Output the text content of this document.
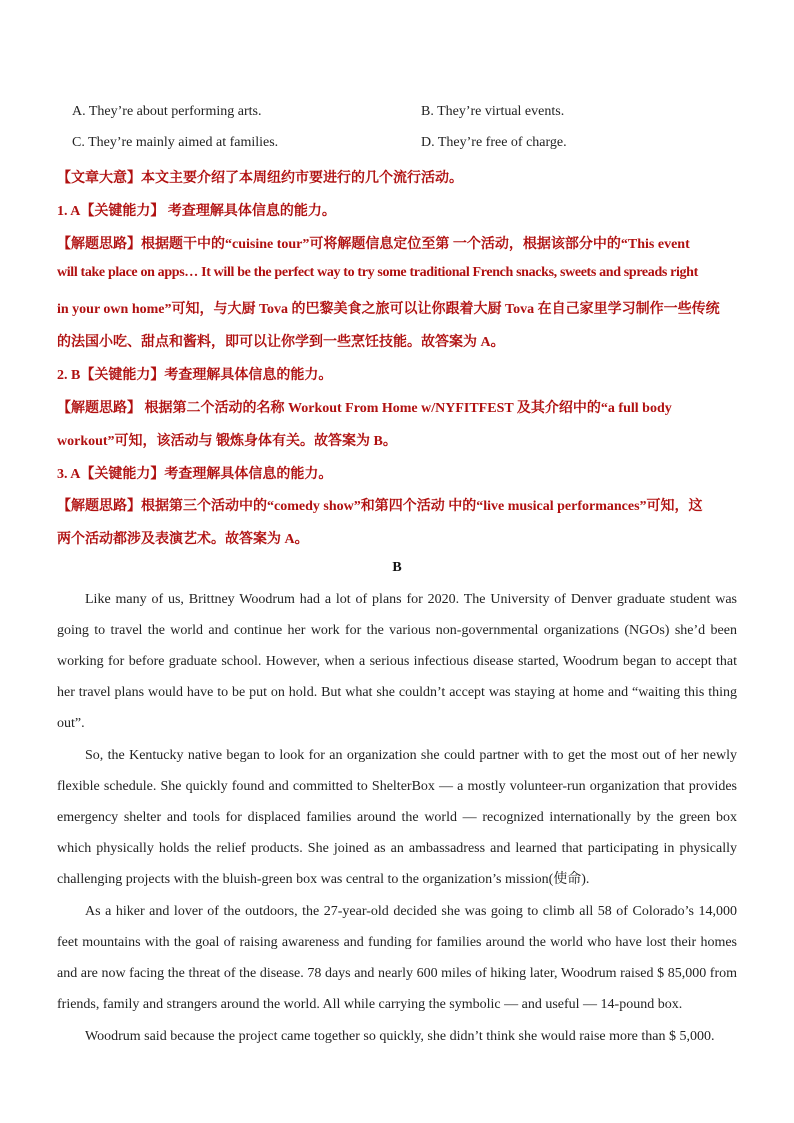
A. They’re about performing arts.	B. They’re virtual events.
C. They’re mainly aimed at families.	D. They’re free of charge.
【文章大意】本文主要介绍了本周纽约市要进行的几个流行活动。
1. A【关键能力】 考查理解具体信息的能力。
【解题思路】根据题干中的“cuisine tour”可将解题信息定位至第 一个活动，根据该部分中的“This event
will take place on apps… It will be the perfect way to try some traditional French snacks, sweets and spreads right
in your own home”可知，与大厨 Tova 的巴黎美食之旅可以让你跟着大厨 Tova 在自己家里学习制作一些传统
的法国小吃、甜点和酱料，即可以让你学到一些烹饪技能。故答案为 A。
2. B【关键能力】考查理解具体信息的能力。
【解题思路】 根据第二个活动的名称 Workout From Home w/NYFITFEST 及其介绍中的“a full body
workout”可知，该活动与 锻炼身体有关。故答案为 B。
3. A【关键能力】考查理解具体信息的能力。
【解题思路】根据第三个活动中的“comedy show”和第四个活动 中的“live musical performances”可知，这
两个活动都涉及表演艺术。故答案为 A。
B

Like many of us, Brittney Woodrum had a lot of plans for 2020. The University of Denver graduate student was going to travel the world and continue her work for the various non-governmental organizations (NGOs) she’d been working for before graduate school. However, when a serious infectious disease started, Woodrum began to accept that her travel plans would have to be put on hold. But what she couldn’t accept was staying at home and “waiting this thing out”.

So, the Kentucky native began to look for an organization she could partner with to get the most out of her newly flexible schedule. She quickly found and committed to ShelterBox — a mostly volunteer-run organization that provides emergency shelter and tools for displaced families around the world — recognized internationally by the green box which physically holds the relief products. She joined as an ambassadress and learned that participating in physically challenging projects with the bluish-green box was central to the organization’s mission(使命).

As a hiker and lover of the outdoors, the 27-year-old decided she was going to climb all 58 of Colorado’s 14,000 feet mountains with the goal of raising awareness and funding for families around the world who have lost their homes and are now facing the threat of the disease. 78 days and nearly 600 miles of hiking later, Woodrum raised $ 85,000 from friends, family and strangers around the world. All while carrying the symbolic — and useful — 14-pound box.

Woodrum said because the project came together so quickly, she didn’t think she would raise more than $ 5,000.
